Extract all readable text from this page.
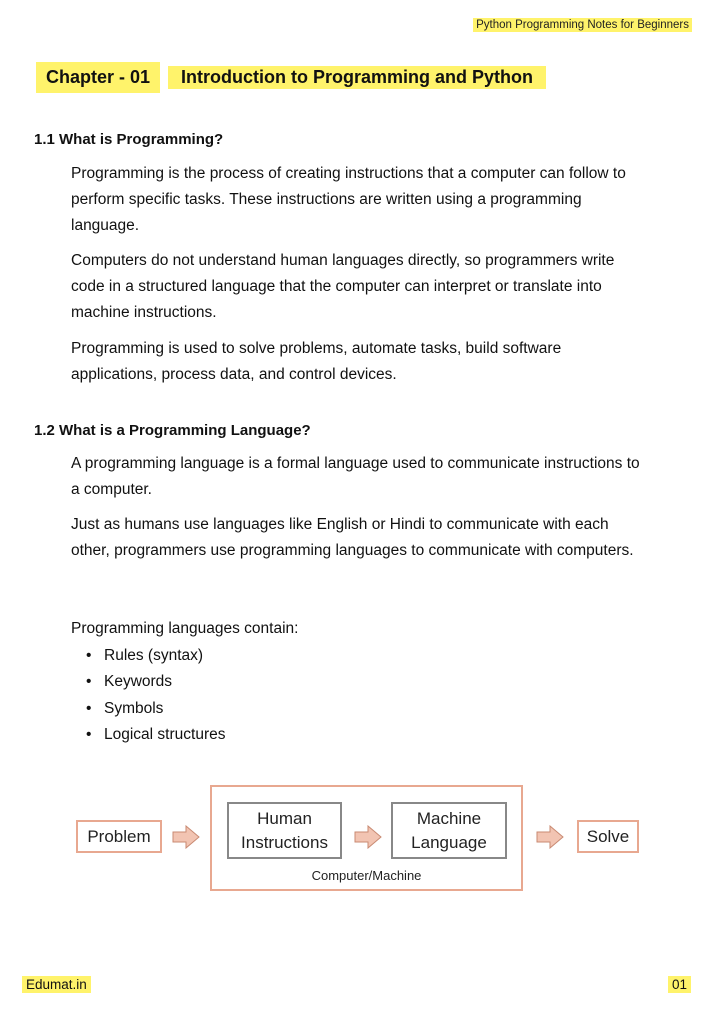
Python Programming Notes for Beginners
Chapter - 01	Introduction to Programming and Python
1.1 What is Programming?

Programming is the process of creating instructions that a computer can follow to perform specific tasks. These instructions are written using a programming language.

Computers do not understand human languages directly, so programmers write code in a structured language that the computer can interpret or translate into machine instructions.

Programming is used to solve problems, automate tasks, build software applications, process data, and control devices.

1.2 What is a Programming Language?

A programming language is a formal language used to communicate instructions to a computer.

Just as humans use languages like English or Hindi to communicate with each other, programmers use programming languages to communicate with computers.

Programming languages contain:

• Rules (syntax)
• Keywords
• Symbols
• Logical structures
Computer/Machine
Problem
Human Instructions
Machine Language	Solve
Edumat.in	01
